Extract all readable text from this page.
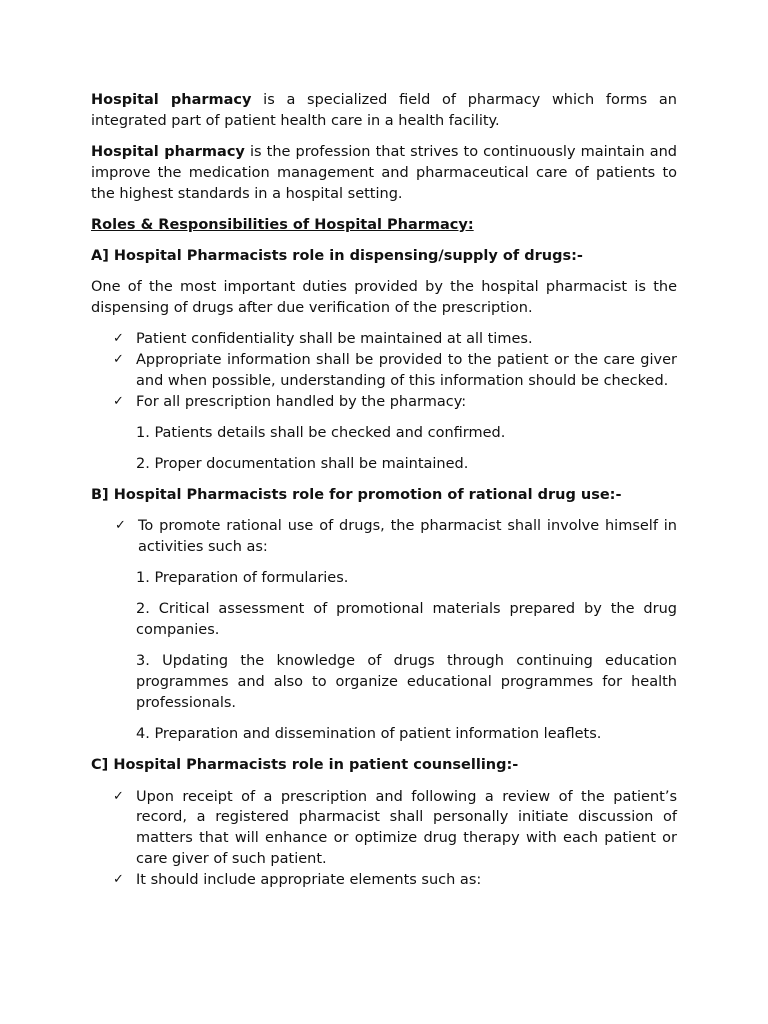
Hospital pharmacy is a specialized field of pharmacy which forms an integrated part of patient health care in a health facility.

Hospital pharmacy is the profession that strives to continuously maintain and improve the medication management and pharmaceutical care of patients to the highest standards in a hospital setting.

Roles & Responsibilities of Hospital Pharmacy:

A] Hospital Pharmacists role in dispensing/supply of drugs:-

One of the most important duties provided by the hospital pharmacist is the dispensing of drugs after due verification of the prescription.

✓ Patient confidentiality shall be maintained at all times.
✓ Appropriate information shall be provided to the patient or the care giver and when possible, understanding of this information should be checked.
✓ For all prescription handled by the pharmacy:

1. Patients details shall be checked and confirmed.

2. Proper documentation shall be maintained.

B] Hospital Pharmacists role for promotion of rational drug use:-

✓ To promote rational use of drugs, the pharmacist shall involve himself in activities such as:

1. Preparation of formularies.

2. Critical assessment of promotional materials prepared by the drug companies.

3. Updating the knowledge of drugs through continuing education programmes and also to organize educational programmes for health professionals.

4. Preparation and dissemination of patient information leaflets.

C] Hospital Pharmacists role in patient counselling:-

✓ Upon receipt of a prescription and following a review of the patient’s record, a registered pharmacist shall personally initiate discussion of matters that will enhance or optimize drug therapy with each patient or care giver of such patient.
✓ It should include appropriate elements such as:
